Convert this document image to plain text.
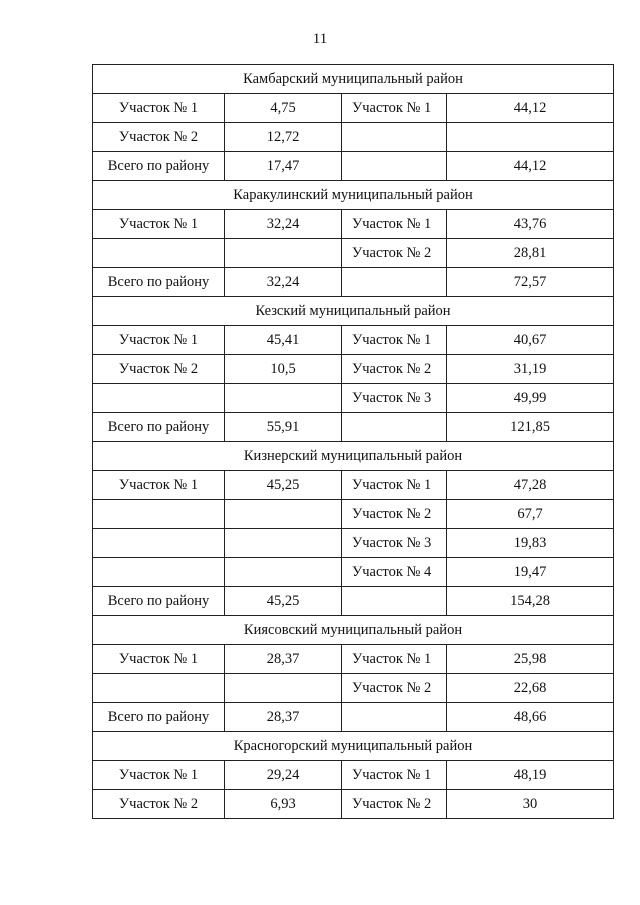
11
Камбарский муниципальный район			
Участок № 1	4,75	Участок № 1	44,12
Участок № 2	12,72		
Всего по району	17,47		44,12
Каракулинский муниципальный район			
Участок № 1	32,24	Участок № 1	43,76
		Участок № 2	28,81
Всего по району	32,24		72,57
Кезский муниципальный район			
Участок № 1	45,41	Участок № 1	40,67
Участок № 2	10,5	Участок № 2	31,19
		Участок № 3	49,99
Всего по району	55,91		121,85
Кизнерский муниципальный район			
Участок № 1	45,25	Участок № 1	47,28
		Участок № 2	67,7
		Участок № 3	19,83
		Участок № 4	19,47
Всего по району	45,25		154,28
Киясовский муниципальный район			
Участок № 1	28,37	Участок № 1	25,98
		Участок № 2	22,68
Всего по району	28,37		48,66
Красногорский муниципальный район			
Участок № 1	29,24	Участок № 1	48,19
Участок № 2	6,93	Участок № 2	30
